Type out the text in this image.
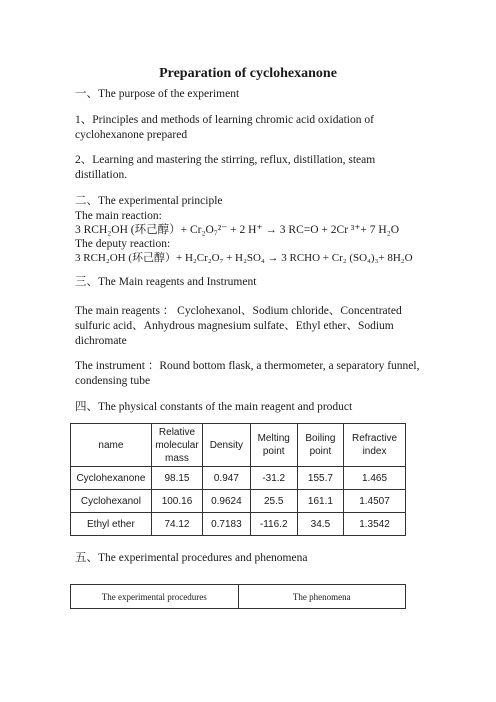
Preparation of cyclohexanone
一、The purpose of the experiment
1、Principles and methods of learning chromic acid oxidation of
cyclohexanone prepared
2、Learning and mastering the stirring, reflux, distillation, steam
distillation.
二、The experimental principle
The main reaction:
3 RCH₂OH (环己醇）+ Cr₂O₇²⁻ + 2 H⁺ → 3 RC=O + 2Cr ³⁺+ 7 H₂O
The deputy reaction:
3 RCH₂OH (环己醇）+ H₂Cr₂O₇ + H₂SO₄ → 3 RCHO + Cr₂ (SO₄)₃+ 8H₂O
三、The Main reagents and Instrument
The main reagents ： Cyclohexanol、Sodium chloride、Concentrated
sulfuric acid、Anhydrous magnesium sulfate、Ethyl ether、Sodium
dichromate
The instrument ：Round bottom flask, a thermometer, a separatory funnel,
condensing tube
四、The physical constants of the main reagent and product
name	Relative molecular mass	Density	Melting point	Boiling point	Refractive index
Cyclohexanone	98.15	0.947	-31.2	155.7	1.465
Cyclohexanol	100.16	0.9624	25.5	161.1	1.4507
Ethyl ether	74.12	0.7183	-116.2	34.5	1.3542
五、The experimental procedures and phenomena
The experimental procedures	The phenomena
